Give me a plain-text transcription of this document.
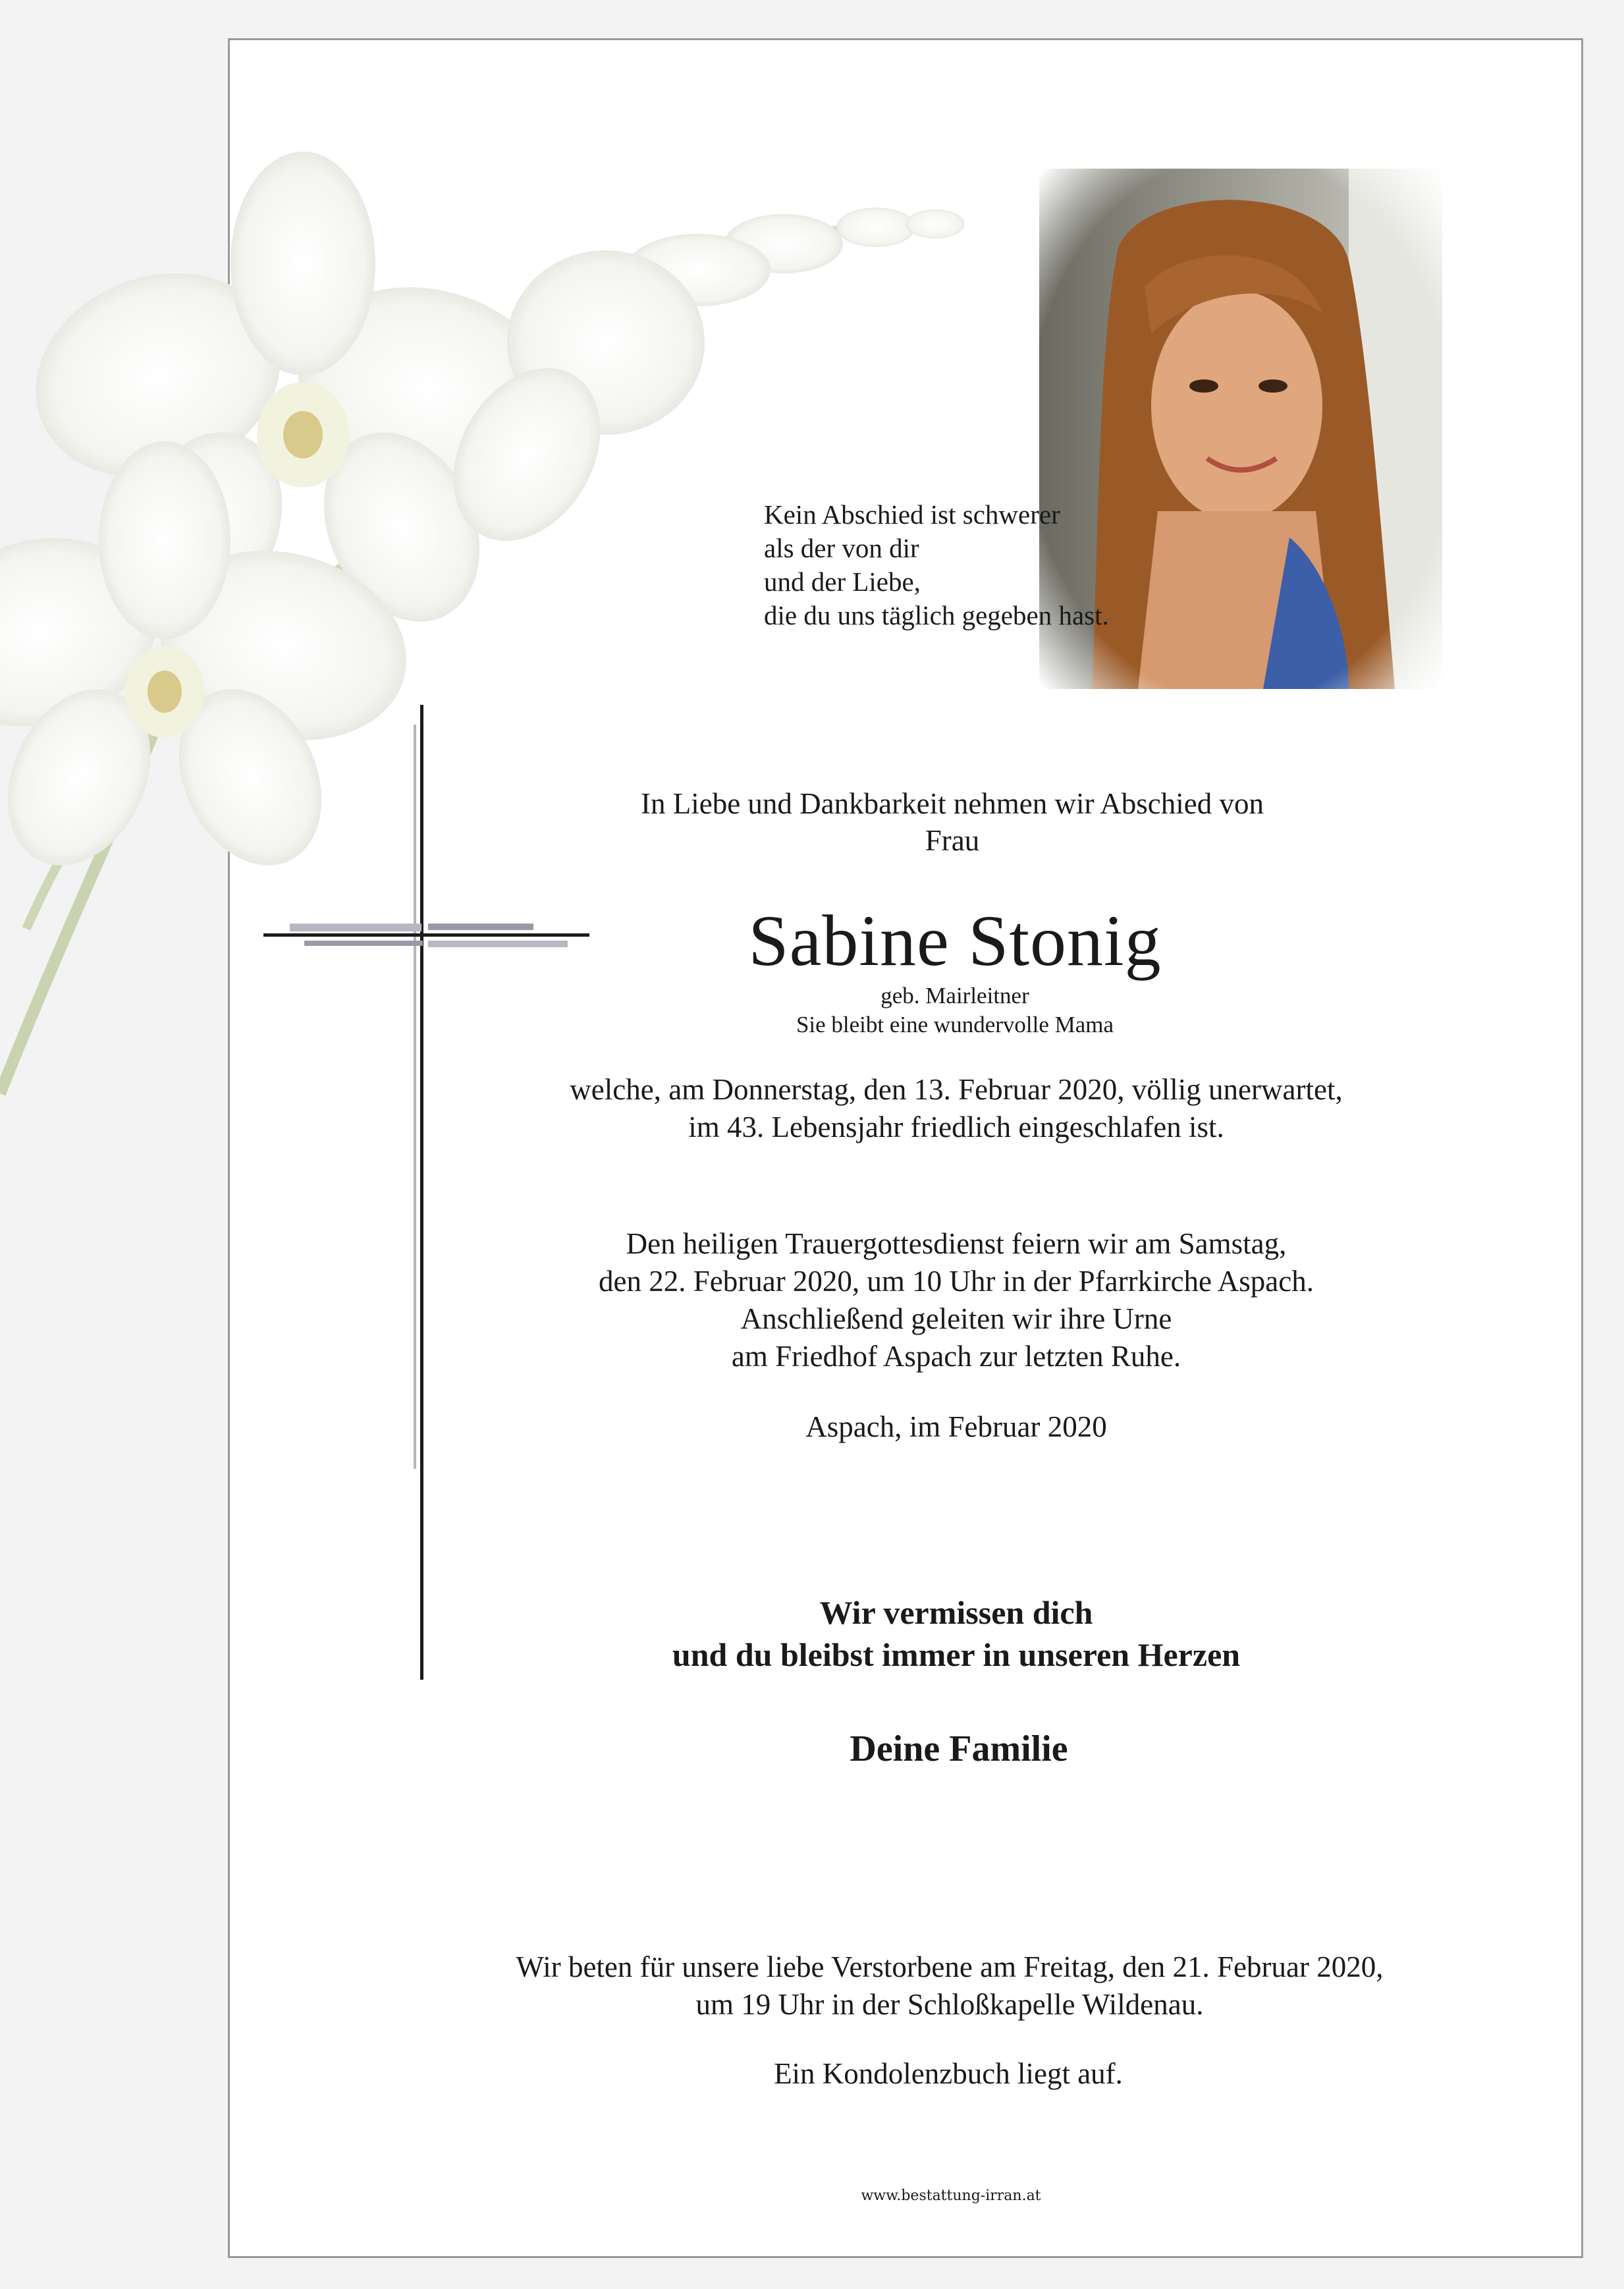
In Liebe und Dankbarkeit nehmen wir Abschied von
Frau
Sabine Stonig
geb. Mairleitner
Sie bleibt eine wundervolle Mama
welche, am Donnerstag, den 13. Februar 2020, völlig unerwartet,
im 43. Lebensjahr friedlich eingeschlafen ist.
Den heiligen Trauergottesdienst feiern wir am Samstag,
den 22. Februar 2020, um 10 Uhr in der Pfarrkirche Aspach.
Anschließend geleiten wir ihre Urne
am Friedhof Aspach zur letzten Ruhe.
Aspach, im Februar 2020
Wir vermissen dich
und du bleibst immer in unseren Herzen
Deine Familie
Wir beten für unsere liebe Verstorbene am Freitag, den 21. Februar 2020,
um 19 Uhr in der Schloßkapelle Wildenau.
Ein Kondolenzbuch liegt auf.
www.bestattung-irran.at
